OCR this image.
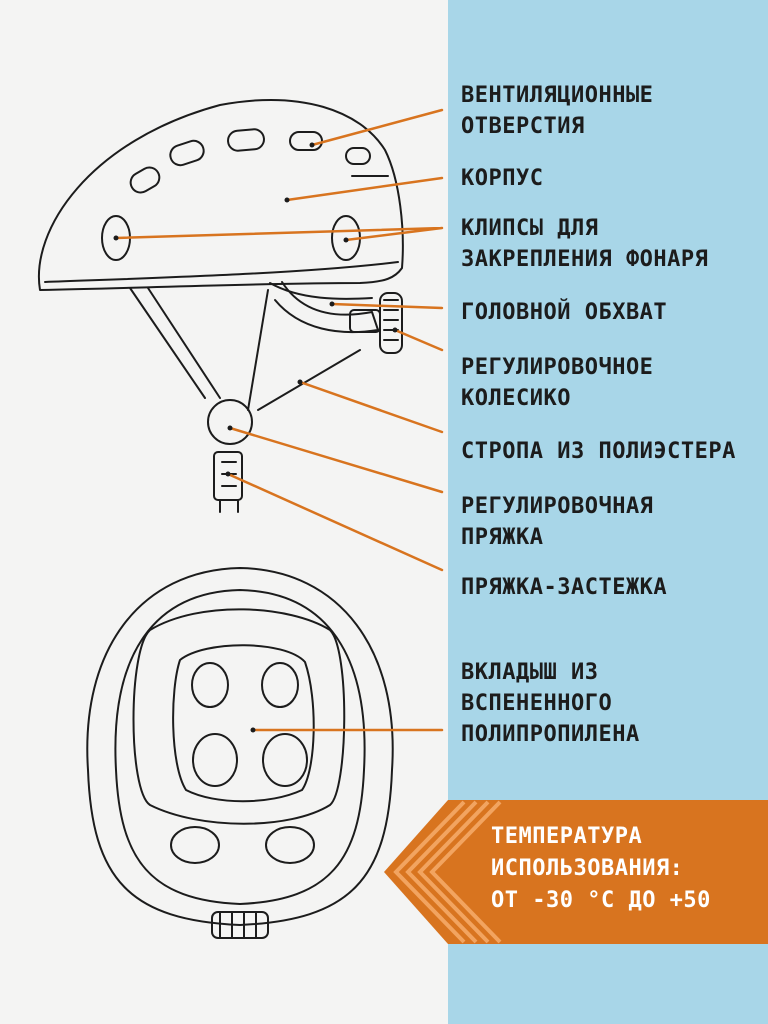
ВЕНТИЛЯЦИОННЫЕ
ОТВЕРСТИЯ
КОРПУС
КЛИПСЫ ДЛЯ
ЗАКРЕПЛЕНИЯ ФОНАРЯ
ГОЛОВНОЙ ОБХВАТ
РЕГУЛИРОВОЧНОЕ
КОЛЕСИКО
СТРОПА ИЗ ПОЛИЭСТЕРА
РЕГУЛИРОВОЧНАЯ
ПРЯЖКА
ПРЯЖКА-ЗАСТЕЖКА
ВКЛАДЫШ ИЗ
ВСПЕНЕННОГО
ПОЛИПРОПИЛЕНА
ТЕМПЕРАТУРА
ИСПОЛЬЗОВАНИЯ:
ОТ -30 °С ДО +50
